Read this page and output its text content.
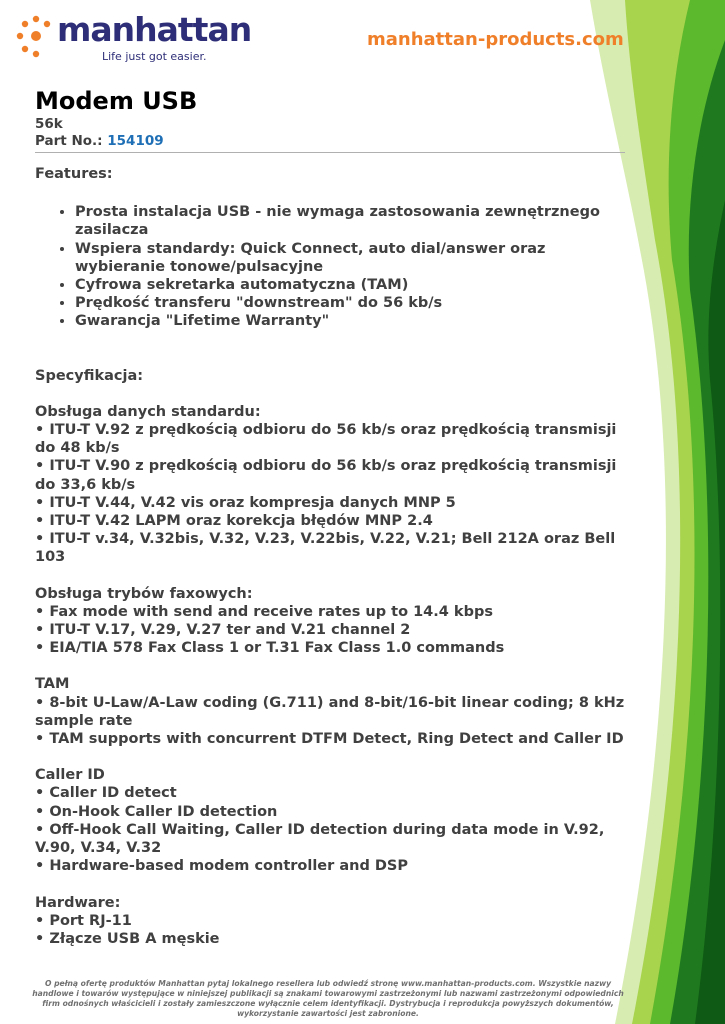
manhattan
Life just got easier.
manhattan-products.com
Modem USB
56k
Part No.: 154109
Features:
• Prosta instalacja USB - nie wymaga zastosowania zewnętrznego zasilacza
• Wspiera standardy: Quick Connect, auto dial/answer oraz wybieranie tonowe/pulsacyjne
• Cyfrowa sekretarka automatyczna (TAM)
• Prędkość transferu "downstream" do 56 kb/s
• Gwarancja "Lifetime Warranty"
Specyfikacja:
Obsługa danych standardu:
• ITU-T V.92 z prędkością odbioru do 56 kb/s oraz prędkością transmisji do 48 kb/s
• ITU-T V.90 z prędkością odbioru do 56 kb/s oraz prędkością transmisji do 33,6 kb/s
• ITU-T V.44, V.42 vis oraz kompresja danych MNP 5
• ITU-T V.42 LAPM oraz korekcja błędów MNP 2.4
• ITU-T v.34, V.32bis, V.32, V.23, V.22bis, V.22, V.21; Bell 212A oraz Bell 103
Obsługa trybów faxowych:
• Fax mode with send and receive rates up to 14.4 kbps
• ITU-T V.17, V.29, V.27 ter and V.21 channel 2
• EIA/TIA 578 Fax Class 1 or T.31 Fax Class 1.0 commands
TAM
• 8-bit U-Law/A-Law coding (G.711) and 8-bit/16-bit linear coding; 8 kHz sample rate
• TAM supports with concurrent DTFM Detect, Ring Detect and Caller ID
Caller ID
• Caller ID detect
• On-Hook Caller ID detection
• Off-Hook Call Waiting, Caller ID detection during data mode in V.92, V.90, V.34, V.32
• Hardware-based modem controller and DSP
Hardware:
• Port RJ-11
• Złącze USB A męskie
O pełną ofertę produktów Manhattan pytaj lokalnego resellera lub odwiedź stronę www.manhattan-products.com. Wszystkie nazwy handlowe i towarów występujące w niniejszej publikacji są znakami towarowymi zastrzeżonymi lub nazwami zastrzeżonymi odpowiednich firm odnośnych właścicieli i zostały zamieszczone wyłącznie celem identyfikacji. Dystrybucja i reprodukcja powyższych dokumentów, wykorzystanie zawartości jest zabronione.
